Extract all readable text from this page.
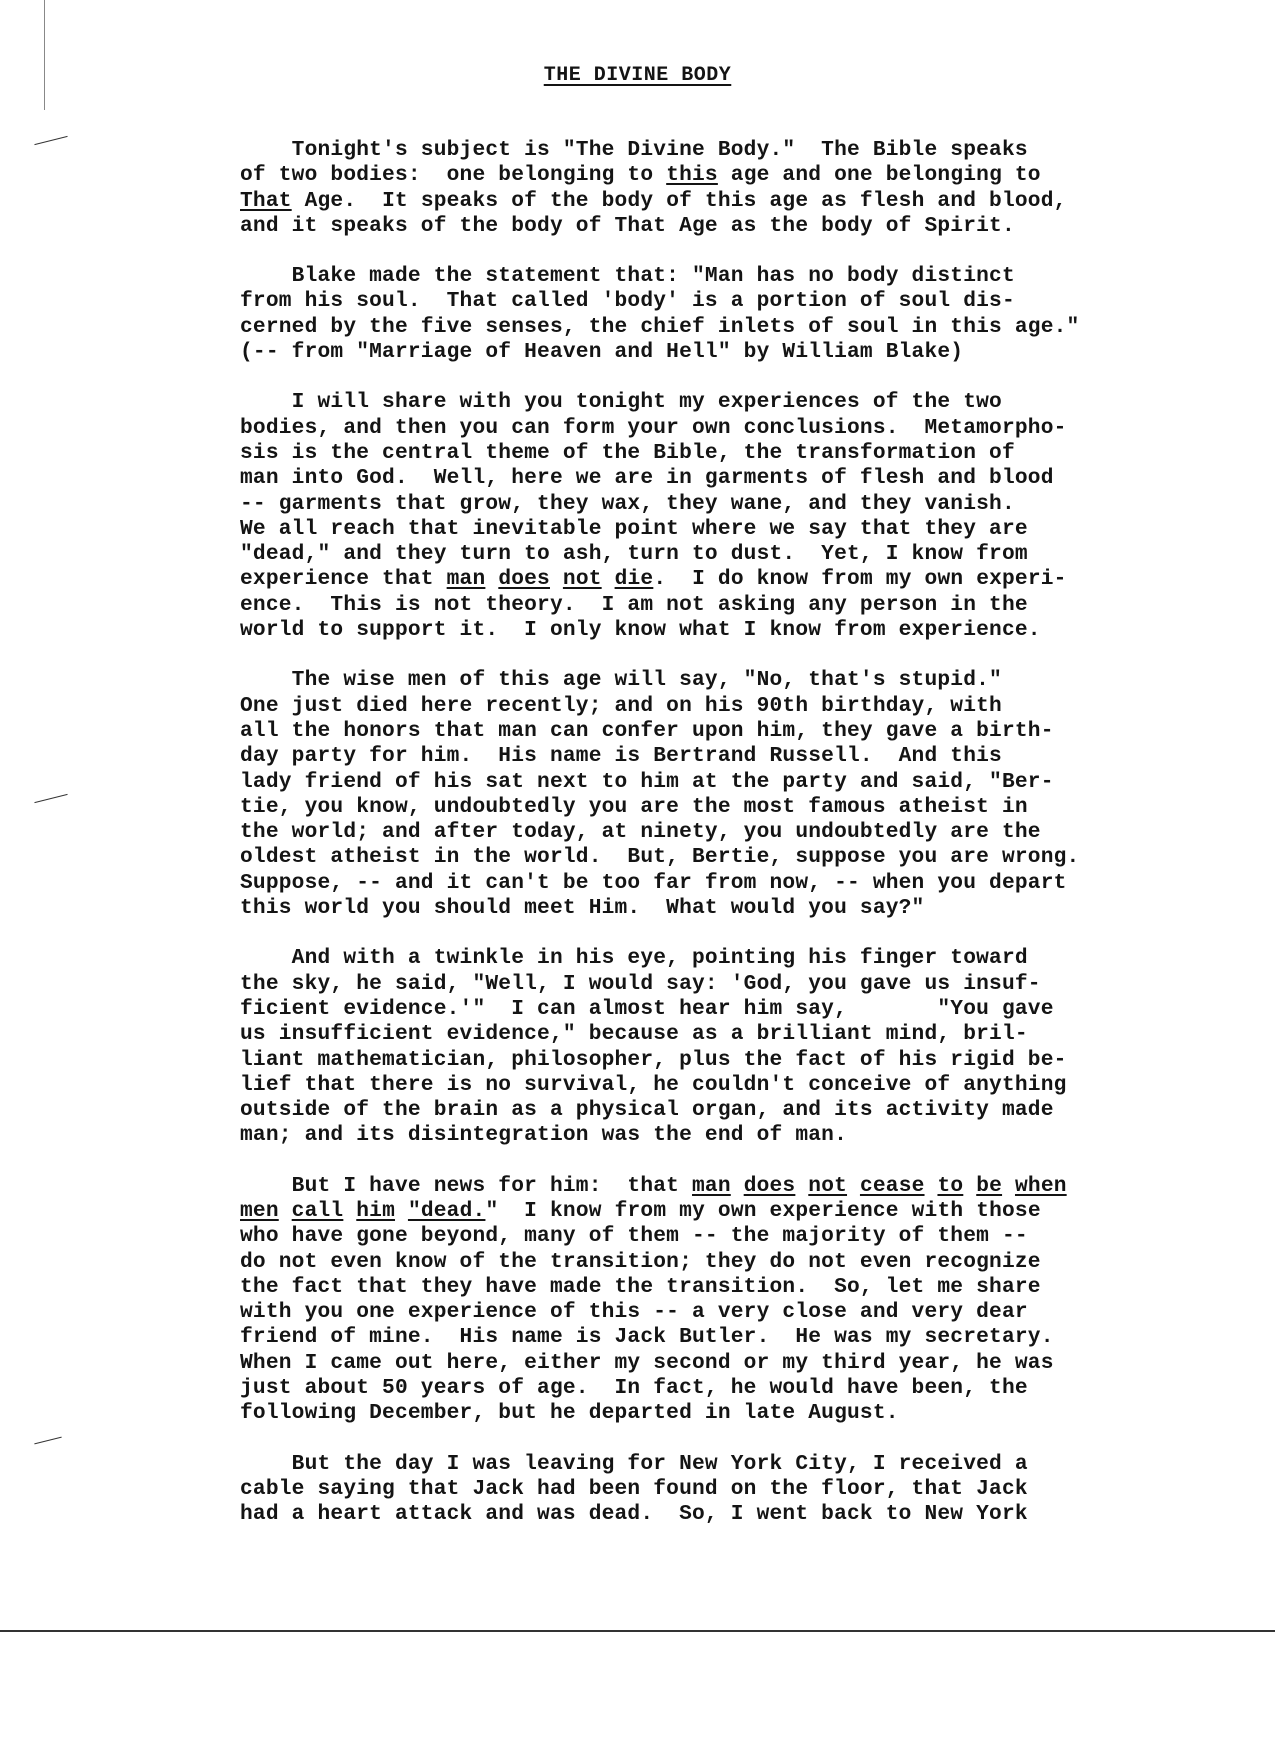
THE DIVINE BODY
Tonight's subject is "The Divine Body."  The Bible speaks
of two bodies:  one belonging to this age and one belonging to
That Age.  It speaks of the body of this age as flesh and blood,
and it speaks of the body of That Age as the body of Spirit.
Blake made the statement that: "Man has no body distinct
from his soul.  That called 'body' is a portion of soul dis-
cerned by the five senses, the chief inlets of soul in this age."
(-- from "Marriage of Heaven and Hell" by William Blake)
I will share with you tonight my experiences of the two
bodies, and then you can form your own conclusions.  Metamorpho-
sis is the central theme of the Bible, the transformation of
man into God.  Well, here we are in garments of flesh and blood
-- garments that grow, they wax, they wane, and they vanish.
We all reach that inevitable point where we say that they are
"dead," and they turn to ash, turn to dust.  Yet, I know from
experience that man does not die.  I do know from my own experi-
ence.  This is not theory.  I am not asking any person in the
world to support it.  I only know what I know from experience.
The wise men of this age will say, "No, that's stupid."
One just died here recently; and on his 90th birthday, with
all the honors that man can confer upon him, they gave a birth-
day party for him.  His name is Bertrand Russell.  And this
lady friend of his sat next to him at the party and said, "Ber-
tie, you know, undoubtedly you are the most famous atheist in
the world; and after today, at ninety, you undoubtedly are the
oldest atheist in the world.  But, Bertie, suppose you are wrong.
Suppose, -- and it can't be too far from now, -- when you depart
this world you should meet Him.  What would you say?"
And with a twinkle in his eye, pointing his finger toward
the sky, he said, "Well, I would say: 'God, you gave us insuf-
ficient evidence.'"  I can almost hear him say,       "You gave
us insufficient evidence," because as a brilliant mind, bril-
liant mathematician, philosopher, plus the fact of his rigid be-
lief that there is no survival, he couldn't conceive of anything
outside of the brain as a physical organ, and its activity made
man; and its disintegration was the end of man.
But I have news for him:  that man does not cease to be when
men call him "dead."  I know from my own experience with those
who have gone beyond, many of them -- the majority of them --
do not even know of the transition; they do not even recognize
the fact that they have made the transition.  So, let me share
with you one experience of this -- a very close and very dear
friend of mine.  His name is Jack Butler.  He was my secretary.
When I came out here, either my second or my third year, he was
just about 50 years of age.  In fact, he would have been, the
following December, but he departed in late August.
But the day I was leaving for New York City, I received a
cable saying that Jack had been found on the floor, that Jack
had a heart attack and was dead.  So, I went back to New York
